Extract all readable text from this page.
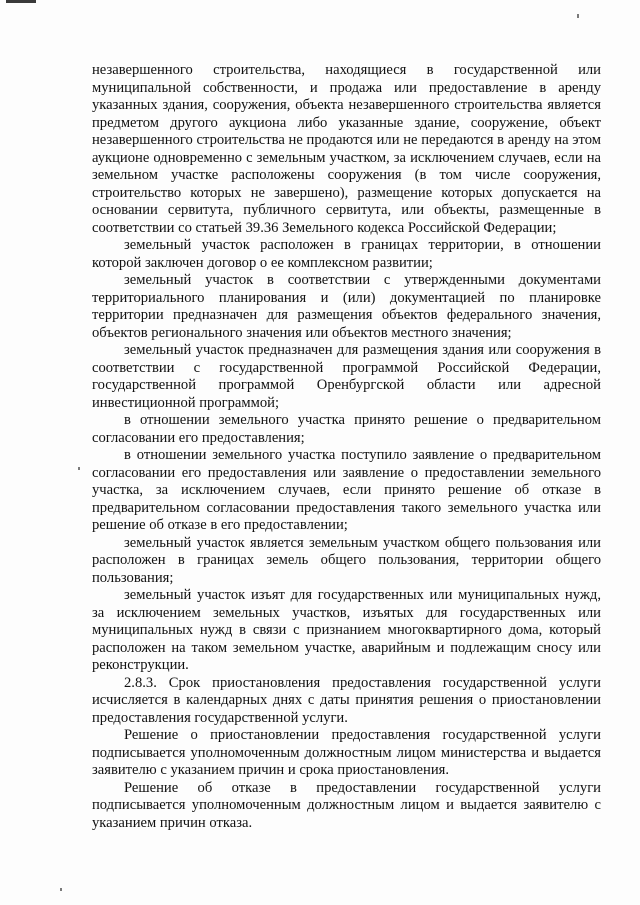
незавершенного строительства, находящиеся в государственной или муниципальной собственности, и продажа или предоставление в аренду указанных здания, сооружения, объекта незавершенного строительства является предметом другого аукциона либо указанные здание, сооружение, объект незавершенного строительства не продаются или не передаются в аренду на этом аукционе одновременно с земельным участком, за исключением случаев, если на земельном участке расположены сооружения (в том числе сооружения, строительство которых не завершено), размещение которых допускается на основании сервитута, публичного сервитута, или объекты, размещенные в соответствии со статьей 39.36 Земельного кодекса Российской Федерации;

земельный участок расположен в границах территории, в отношении которой заключен договор о ее комплексном развитии;

земельный участок в соответствии с утвержденными документами территориального планирования и (или) документацией по планировке территории предназначен для размещения объектов федерального значения, объектов регионального значения или объектов местного значения;

земельный участок предназначен для размещения здания или сооружения в соответствии с государственной программой Российской Федерации, государственной программой Оренбургской области или адресной инвестиционной программой;

в отношении земельного участка принято решение о предварительном согласовании его предоставления;

в отношении земельного участка поступило заявление о предварительном согласовании его предоставления или заявление о предоставлении земельного участка, за исключением случаев, если принято решение об отказе в предварительном согласовании предоставления такого земельного участка или решение об отказе в его предоставлении;

земельный участок является земельным участком общего пользования или расположен в границах земель общего пользования, территории общего пользования;

земельный участок изъят для государственных или муниципальных нужд, за исключением земельных участков, изъятых для государственных или муниципальных нужд в связи с признанием многоквартирного дома, который расположен на таком земельном участке, аварийным и подлежащим сносу или реконструкции.

2.8.3. Срок приостановления предоставления государственной услуги исчисляется в календарных днях с даты принятия решения о приостановлении предоставления государственной услуги.

Решение о приостановлении предоставления государственной услуги подписывается уполномоченным должностным лицом министерства и выдается заявителю с указанием причин и срока приостановления.

Решение об отказе в предоставлении государственной услуги подписывается уполномоченным должностным лицом и выдается заявителю с указанием причин отказа.
